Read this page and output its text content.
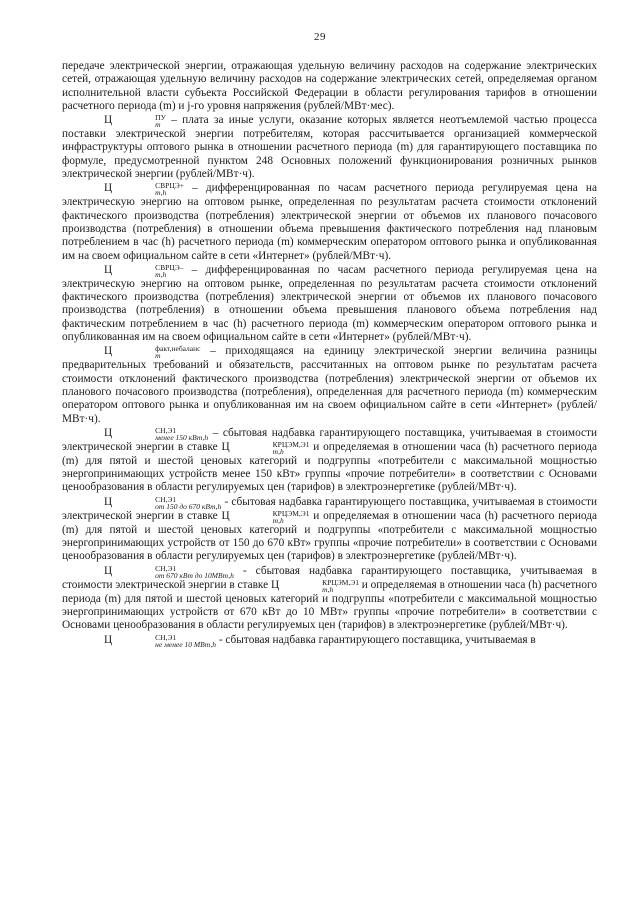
29

передаче электрической энергии, отражающая удельную величину расходов на содержание электрических сетей, отражающая удельную величину расходов на содержание электрических сетей, определяемая органом исполнительной власти субъекта Российской Федерации в области регулирования тарифов в отношении расчетного периода (m) и j-го уровня напряжения (рублей/МВт·мес).

Ц	ПУ
m – плата за иные услуги, оказание которых является неотъемлемой частью процесса поставки электрической энергии потребителям, которая рассчитывается организацией коммерческой инфраструктуры оптового рынка в отношении расчетного периода (m) для гарантирующего поставщика по формуле, предусмотренной пунктом 248 Основных положений функционирования розничных рынков электрической энергии (рублей/МВт·ч).

Ц	СВРЦЭ+
m,h	– дифференцированная по часам расчетного периода регулируемая цена на электрическую энергию на оптовом рынке, определенная по результатам расчета стоимости отклонений фактического производства (потребления) электрической энергии от объемов их планового почасового производства (потребления) в отношении объема превышения фактического потребления над плановым потреблением в час (h) расчетного периода (m) коммерческим оператором оптового рынка и опубликованная им на своем официальном сайте в сети «Интернет» (рублей/МВт·ч).

Ц	СВРЦЭ–
m,h	– дифференцированная по часам расчетного периода регулируемая цена на электрическую энергию на оптовом рынке, определенная по результатам расчета стоимости отклонений фактического производства (потребления) электрической энергии от объемов их планового почасового производства (потребления) в отношении объема превышения планового объема потребления над фактическим потреблением в час (h) расчетного периода (m) коммерческим оператором оптового рынка и опубликованная им на своем официальном сайте в сети «Интернет» (рублей/МВт·ч).

Ц	факт,небаланс
m	– приходящаяся на единицу электрической энергии величина разницы предварительных требований и обязательств, рассчитанных на оптовом рынке по результатам расчета стоимости отклонений фактического производства (потребления) электрической энергии от объемов их планового почасового производства (потребления), определенная для расчетного периода (m) коммерческим оператором оптового рынка и опубликованная им на своем официальном сайте в сети «Интернет» (рублей/МВт·ч).

Ц	СН,Э1
менее 150 кВт,h – сбытовая надбавка гарантирующего поставщика, учитываемая в стоимости электрической энергии в ставке Ц	КРЦЭМ,Э1
m,h	и определяемая в отношении часа (h) расчетного периода (m) для пятой и шестой ценовых категорий и подгруппы «потребители с максимальной мощностью энергопринимающих устройств менее 150 кВт» группы «прочие потребители» в соответствии с Основами ценообразования в области регулируемых цен (тарифов) в электроэнергетике (рублей/МВт·ч).

Ц	СН,Э1
от 150 до 670 кВт,h - сбытовая надбавка гарантирующего поставщика, учитываемая в стоимости электрической энергии в ставке Ц	КРЦЭМ,Э1
m,h	и определяемая в отношении часа (h) расчетного периода (m) для пятой и шестой ценовых категорий и подгруппы «потребители с максимальной мощностью энергопринимающих устройств от 150 до 670 кВт» группы «прочие потребители» в соответствии с Основами ценообразования в области регулируемых цен (тарифов) в электроэнергетике (рублей/МВт·ч).

Ц	СН,Э1
от 670 кВт до 10МВт,h - сбытовая надбавка гарантирующего поставщика, учитываемая в стоимости электрической энергии в ставке Ц	КРЦЭМ,Э1
m,h	и определяемая в отношении часа (h) расчетного периода (m) для пятой и шестой ценовых категорий и подгруппы «потребители с максимальной мощностью энергопринимающих устройств от 670 кВт до 10 МВт» группы «прочие потребители» в соответствии с Основами ценообразования в области регулируемых цен (тарифов) в электроэнергетике (рублей/МВт·ч).

Ц	СН,Э1
не менее 10 МВт,h - сбытовая надбавка гарантирующего поставщика, учитываемая в
